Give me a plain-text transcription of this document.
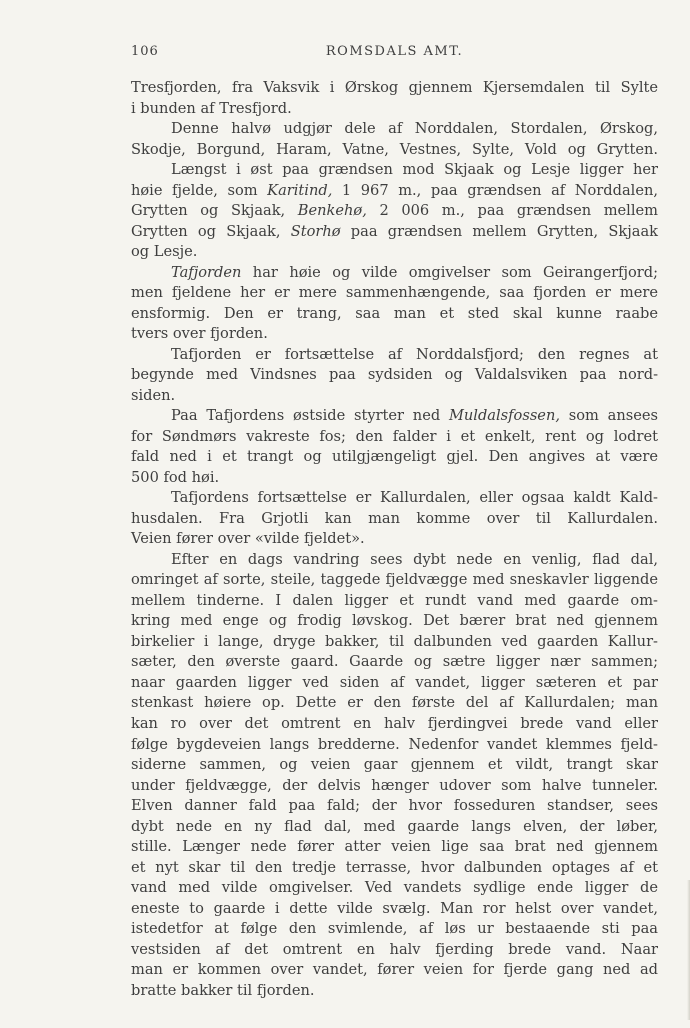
106	ROMSDALS AMT.
Tresfjorden, fra Vaksvik i Ørskog gjennem Kjersemdalen til Sylte
i bunden af Tresfjord.
Denne halvø udgjør dele af Norddalen, Stordalen, Ørskog,
Skodje, Borgund, Haram, Vatne, Vestnes, Sylte, Vold og Grytten.
Længst i øst paa grændsen mod Skjaak og Lesje ligger her
høie fjelde, som Karitind, 1 967 m., paa grændsen af Norddalen,
Grytten og Skjaak, Benkehø, 2 006 m., paa grændsen mellem
Grytten og Skjaak, Storhø paa grændsen mellem Grytten, Skjaak
og Lesje.
Tafjorden har høie og vilde omgivelser som Geirangerfjord;
men fjeldene her er mere sammenhængende, saa fjorden er mere
ensformig. Den er trang, saa man et sted skal kunne raabe
tvers over fjorden.
Tafjorden er fortsættelse af Norddalsfjord; den regnes at
begynde med Vindsnes paa sydsiden og Valdalsviken paa nord-
siden.
Paa Tafjordens østside styrter ned Muldalsfossen, som ansees
for Søndmørs vakreste fos; den falder i et enkelt, rent og lodret
fald ned i et trangt og utilgjængeligt gjel. Den angives at være
500 fod høi.
Tafjordens fortsættelse er Kallurdalen, eller ogsaa kaldt Kald-
husdalen. Fra Grjotli kan man komme over til Kallurdalen.
Veien fører over «vilde fjeldet».
Efter en dags vandring sees dybt nede en venlig, flad dal,
omringet af sorte, steile, taggede fjeldvægge med sneskavler liggende
mellem tinderne. I dalen ligger et rundt vand med gaarde om-
kring med enge og frodig løvskog. Det bærer brat ned gjennem
birkelier i lange, dryge bakker, til dalbunden ved gaarden Kallur-
sæter, den øverste gaard. Gaarde og sætre ligger nær sammen;
naar gaarden ligger ved siden af vandet, ligger sæteren et par
stenkast høiere op. Dette er den første del af Kallurdalen; man
kan ro over det omtrent en halv fjerdingvei brede vand eller
følge bygdeveien langs bredderne. Nedenfor vandet klemmes fjeld-
siderne sammen, og veien gaar gjennem et vildt, trangt skar
under fjeldvægge, der delvis hænger udover som halve tunneler.
Elven danner fald paa fald; der hvor fosseduren standser, sees
dybt nede en ny flad dal, med gaarde langs elven, der løber,
stille. Længer nede fører atter veien lige saa brat ned gjennem
et nyt skar til den tredje terrasse, hvor dalbunden optages af et
vand med vilde omgivelser. Ved vandets sydlige ende ligger de
eneste to gaarde i dette vilde svælg. Man ror helst over vandet,
istedetfor at følge den svimlende, af løs ur bestaaende sti paa
vestsiden af det omtrent en halv fjerding brede vand. Naar
man er kommen over vandet, fører veien for fjerde gang ned ad
bratte bakker til fjorden.
